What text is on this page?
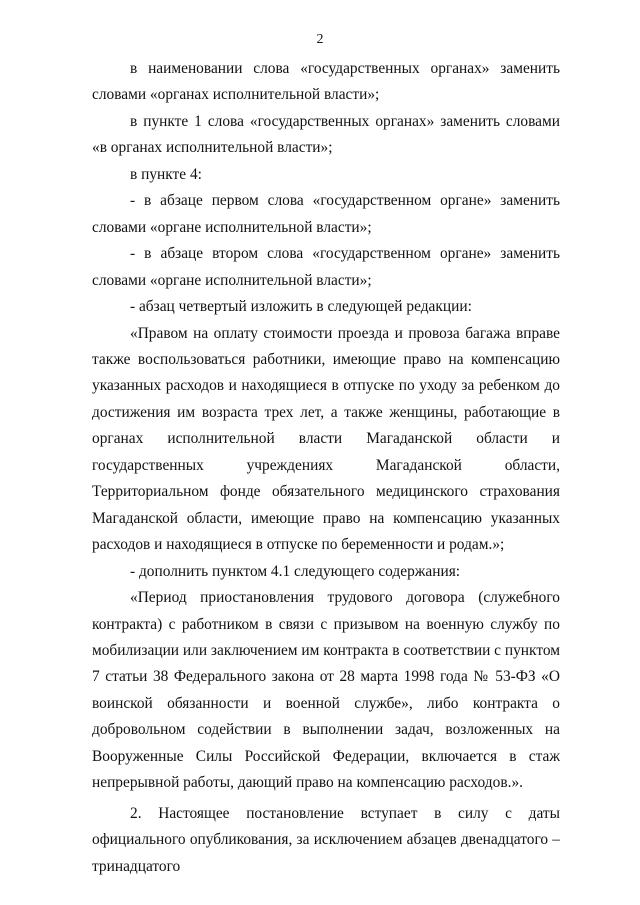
2

в наименовании слова «государственных органах» заменить словами «органах исполнительной власти»;

в пункте 1 слова «государственных органах» заменить словами «в органах исполнительной власти»;

в пункте 4:

- в абзаце первом слова «государственном органе» заменить словами «органе исполнительной власти»;

- в абзаце втором слова «государственном органе» заменить словами «органе исполнительной власти»;

- абзац четвертый изложить в следующей редакции:

«Правом на оплату стоимости проезда и провоза багажа вправе также воспользоваться работники, имеющие право на компенсацию указанных расходов и находящиеся в отпуске по уходу за ребенком до достижения им возраста трех лет, а также женщины, работающие в органах исполнительной власти Магаданской области и государственных учреждениях Магаданской области, Территориальном фонде обязательного медицинского страхования Магаданской области, имеющие право на компенсацию указанных расходов и находящиеся в отпуске по беременности и родам.»;

- дополнить пунктом 4.1 следующего содержания:

«Период приостановления трудового договора (служебного контракта) с работником в связи с призывом на военную службу по мобилизации или заключением им контракта в соответствии с пунктом 7 статьи 38 Федерального закона от 28 марта 1998 года № 53-ФЗ «О воинской обязанности и военной службе», либо контракта о добровольном содействии в выполнении задач, возложенных на Вооруженные Силы Российской Федерации, включается в стаж непрерывной работы, дающий право на компенсацию расходов.».

2. Настоящее постановление вступает в силу с даты официального опубликования, за исключением абзацев двенадцатого – тринадцатого
